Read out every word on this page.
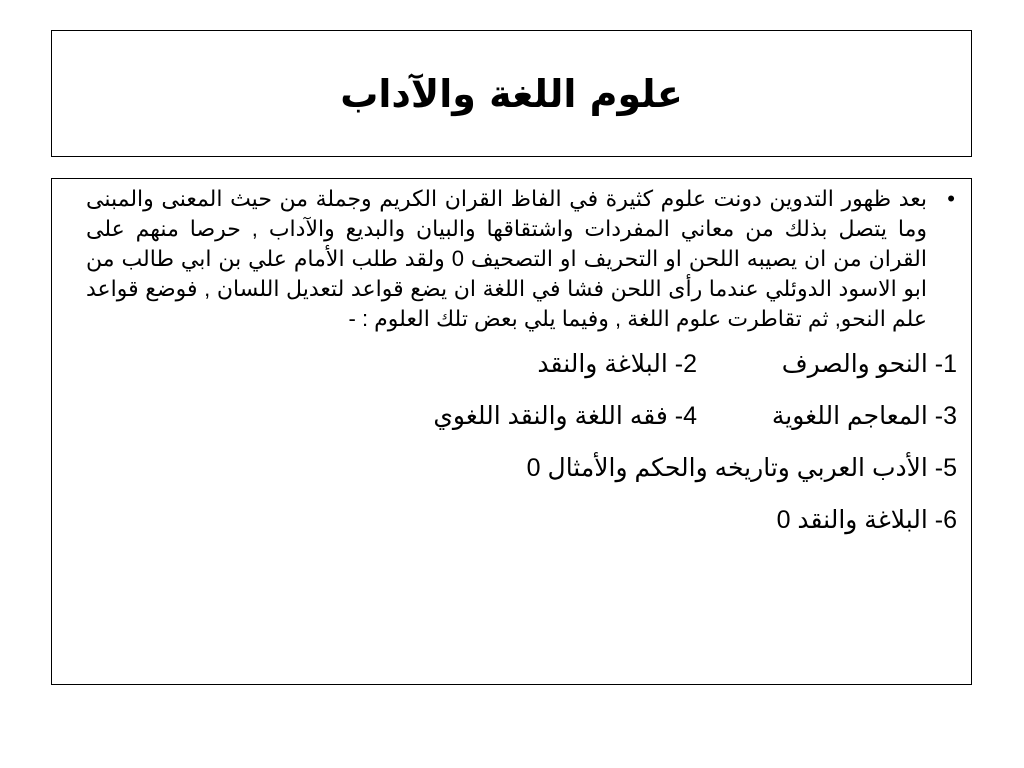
علوم اللغة والآداب
•
بعد ظهور التدوين دونت علوم كثيرة في الفاظ القران الكريم وجملة من حيث المعنى والمبنى وما يتصل بذلك من معاني المفردات واشتقاقها والبيان والبديع والآداب , حرصا منهم على القران من ان يصيبه اللحن او التحريف او التصحيف 0 ولقد طلب الأمام علي بن ابي طالب من ابو الاسود الدوئلي عندما رأى اللحن فشا في اللغة ان يضع قواعد لتعديل اللسان , فوضع قواعد علم النحو, ثم تقاطرت علوم اللغة , وفيما يلي بعض تلك العلوم : -
1- النحو والصرف
2- البلاغة والنقد
3- المعاجم اللغوية
4- فقه اللغة والنقد اللغوي
5- الأدب العربي وتاريخه والحكم والأمثال 0
6- البلاغة والنقد 0
